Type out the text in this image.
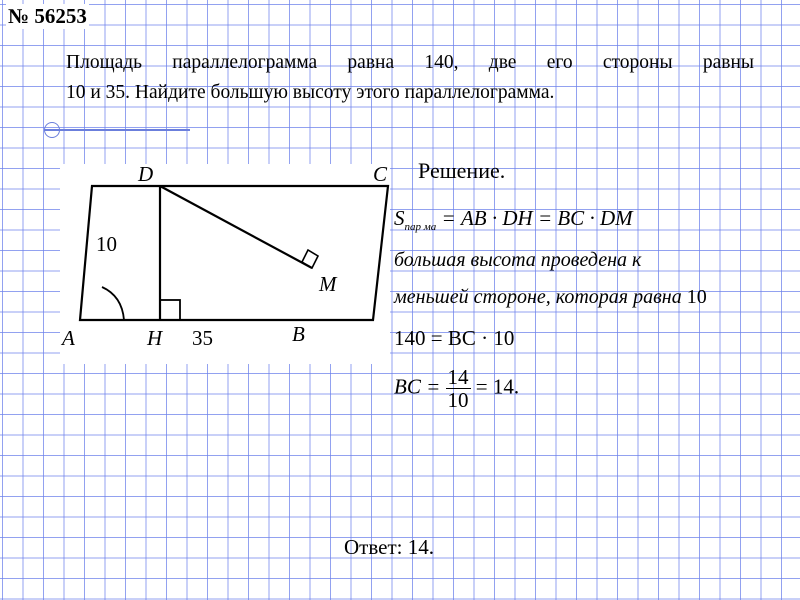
№ 56253
Площадь параллелограмма равна 140, две его стороны равны
10 и 35. Найдите большую высоту этого параллелограмма.
D	C
A	H	B
M
10
35
Решение.
$S_{пар ма}$ = AB · DH = BC · DM
большая высота проведена к
меньшей стороне, которая равна 10
140 = BC · 10
BC = $\frac{14}{10} = 14$.
Ответ: 14.
